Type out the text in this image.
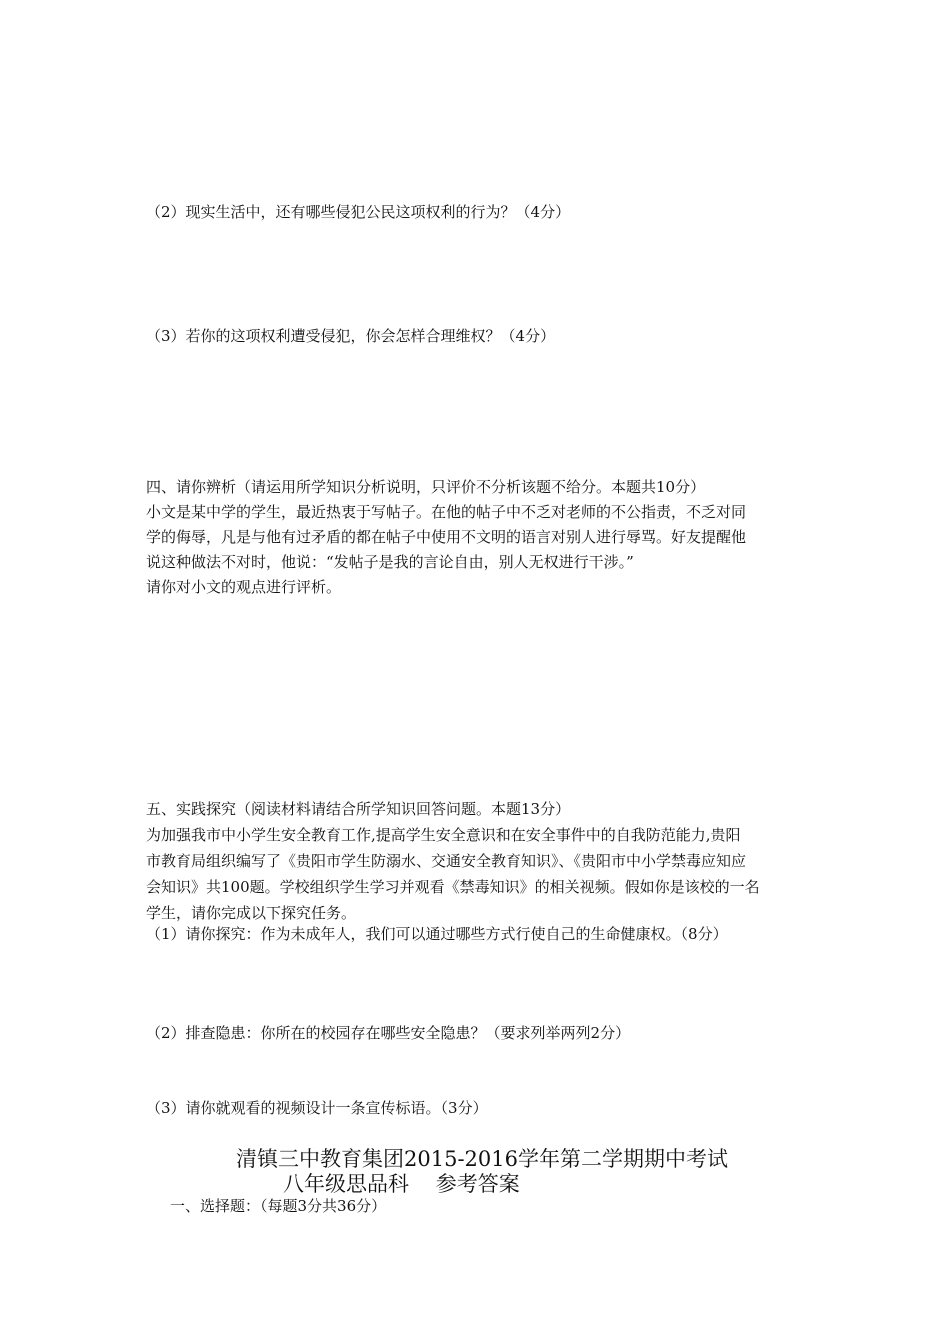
（2）现实生活中，还有哪些侵犯公民这项权利的行为？（4分）
（3）若你的这项权利遭受侵犯，你会怎样合理维权？（4分）
四、请你辨析（请运用所学知识分析说明，只评价不分析该题不给分。本题共10分）
小文是某中学的学生，最近热衷于写帖子。在他的帖子中不乏对老师的不公指责，不乏对同
学的侮辱，凡是与他有过矛盾的都在帖子中使用不文明的语言对别人进行辱骂。好友提醒他
说这种做法不对时，他说：“发帖子是我的言论自由，别人无权进行干涉。”
请你对小文的观点进行评析。
五、实践探究（阅读材料请结合所学知识回答问题。本题13分）
为加强我市中小学生安全教育工作,提高学生安全意识和在安全事件中的自我防范能力,贵阳
市教育局组织编写了《贵阳市学生防溺水、交通安全教育知识》、《贵阳市中小学禁毒应知应
会知识》共100题。学校组织学生学习并观看《禁毒知识》的相关视频。假如你是该校的一名
学生，请你完成以下探究任务。
（1）请你探究：作为未成年人，我们可以通过哪些方式行使自己的生命健康权。（8分）
（2）排查隐患：你所在的校园存在哪些安全隐患？（要求列举两列2分）
（3）请你就观看的视频设计一条宣传标语。（3分）
清镇三中教育集团2015-2016学年第二学期期中考试
八年级思品科    参考答案
一、选择题：（每题3分共36分）
